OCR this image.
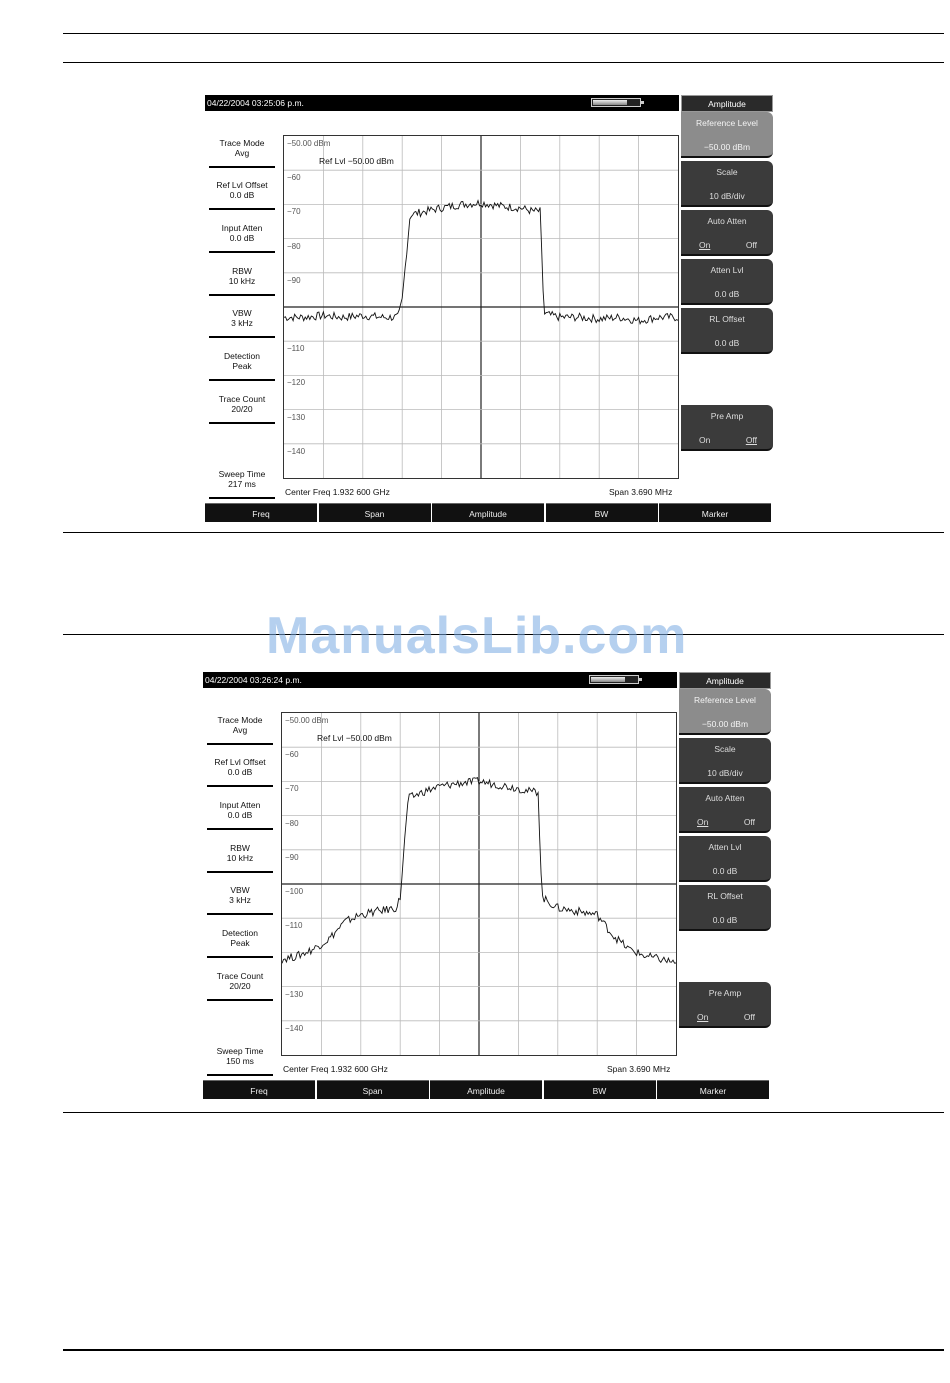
ManualsLib.com
04/22/2004 03:25:06 p.m.	Amplitude
Reference Level
−50.00 dBm
Scale
10 dB/div
Auto Atten
On	Off
Atten Lvl
0.0 dB
RL Offset
0.0 dB
Pre Amp
On	Off
Trace Mode
Avg
Ref Lvl Offset
0.0 dB
Input Atten
0.0 dB
RBW
10 kHz
VBW
3 kHz
Detection
Peak
Trace Count
20/20
Sweep Time
217 ms
Ref Lvl −50.00 dBm
−50.00 dBm
−60
−70
−80
−90
−110
−120
−130
−140
Center Freq 1.932 600 GHz	Span 3.690 MHz
Freq	Span	Amplitude	BW	Marker
04/22/2004 03:26:24 p.m.	Amplitude
Reference Level
−50.00 dBm
Scale
10 dB/div
Auto Atten
On	Off
Atten Lvl
0.0 dB
RL Offset
0.0 dB
Pre Amp
On	Off
Trace Mode
Avg
Ref Lvl Offset
0.0 dB
Input Atten
0.0 dB
RBW
10 kHz
VBW
3 kHz
Detection
Peak
Trace Count
20/20
Sweep Time
150 ms
Ref Lvl −50.00 dBm
−50.00 dBm
−60
−70
−80
−90
−100
−110
−130
−140
Center Freq 1.932 600 GHz	Span 3.690 MHz
Freq	Span	Amplitude	BW	Marker
